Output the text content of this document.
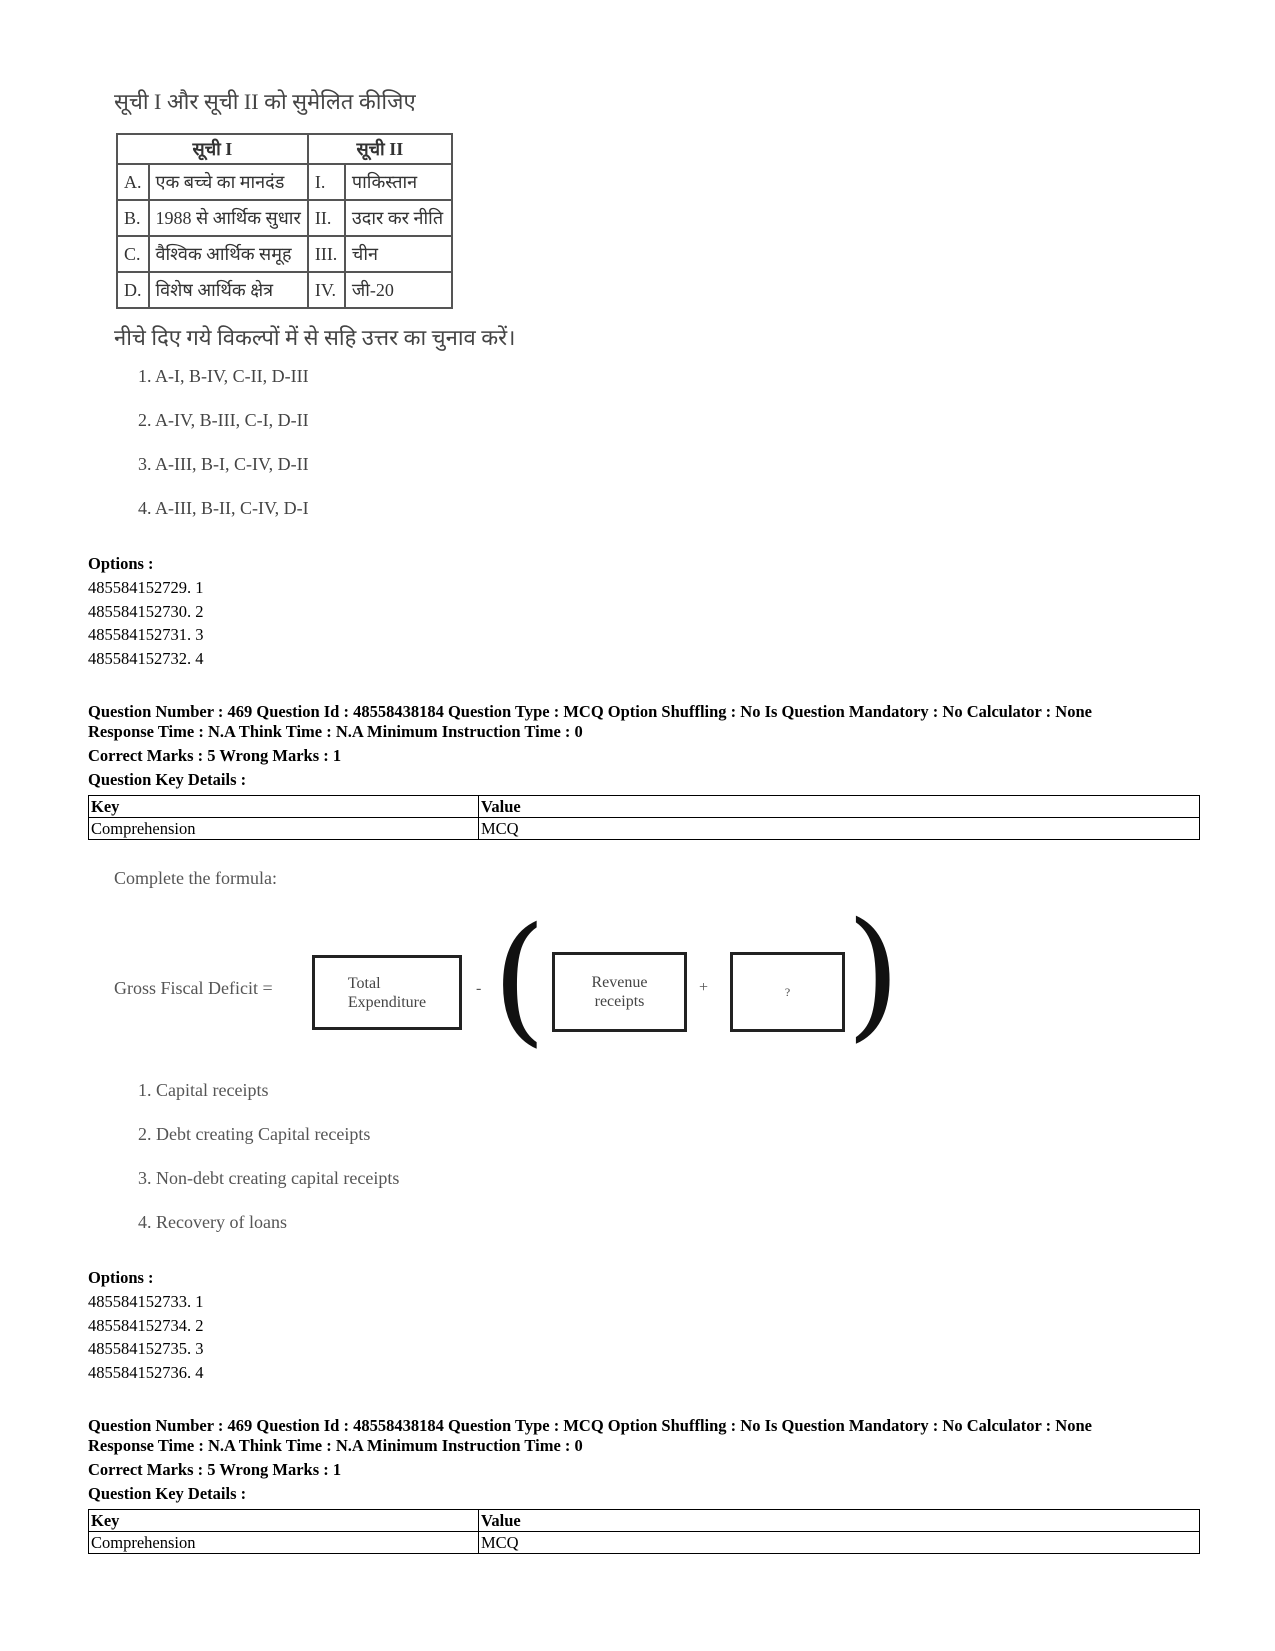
सूची I और सूची II को सुमेलित कीजिए
सूची I		सूची II	
A.	एक बच्चे का मानदंड	I.	पाकिस्तान
B.	1988 से आर्थिक सुधार	II.	उदार कर नीति
C.	वैश्विक आर्थिक समूह	III.	चीन
D.	विशेष आर्थिक क्षेत्र	IV.	जी-20
नीचे दिए गये विकल्पों में से सहि उत्तर का चुनाव करें।
1. A-I, B-IV, C-II, D-III
2. A-IV, B-III, C-I, D-II
3. A-III, B-I, C-IV, D-II
4. A-III, B-II, C-IV, D-I
Options :
485584152729. 1
485584152730. 2
485584152731. 3
485584152732. 4
Question Number : 469 Question Id : 48558438184 Question Type : MCQ Option Shuffling : No Is Question Mandatory : No Calculator : None
Response Time : N.A Think Time : N.A Minimum Instruction Time : 0
Correct Marks : 5 Wrong Marks : 1
Question Key Details :
Key	Value
Comprehension	MCQ
Complete the formula:
Gross Fiscal Deficit =	Total
Expenditure
- (	Revenue
receipts
+	? )
1. Capital receipts
2. Debt creating Capital receipts
3. Non-debt creating capital receipts
4. Recovery of loans
Options :
485584152733. 1
485584152734. 2
485584152735. 3
485584152736. 4
Question Number : 469 Question Id : 48558438184 Question Type : MCQ Option Shuffling : No Is Question Mandatory : No Calculator : None
Response Time : N.A Think Time : N.A Minimum Instruction Time : 0
Correct Marks : 5 Wrong Marks : 1
Question Key Details :
Key	Value
Comprehension	MCQ
